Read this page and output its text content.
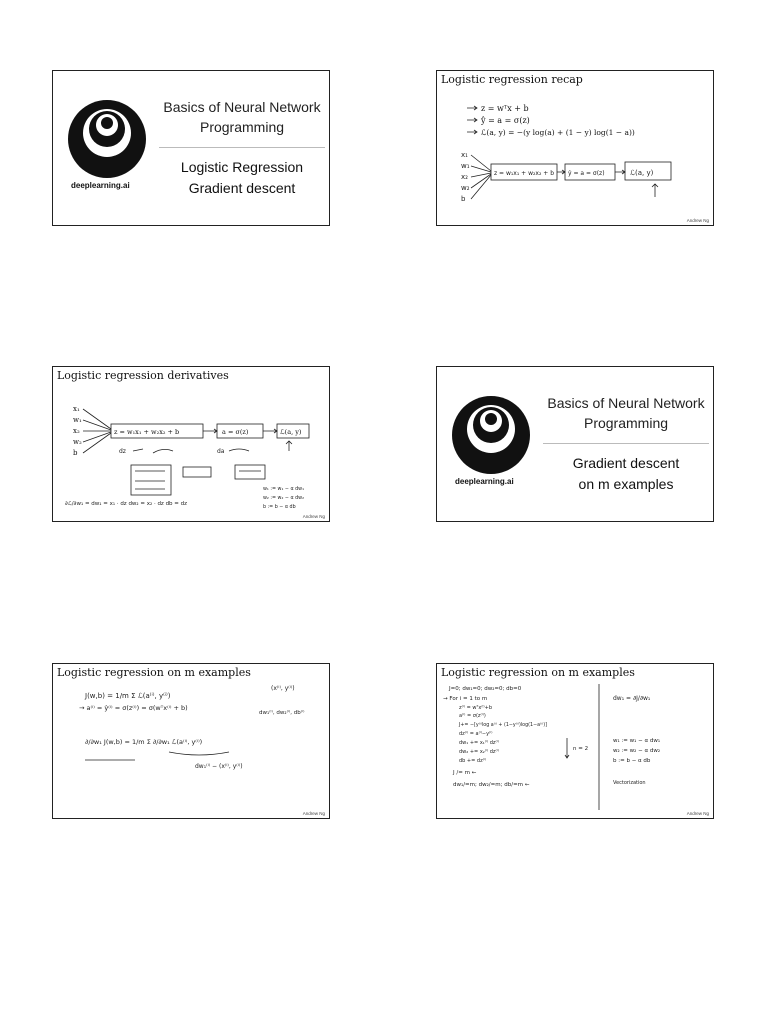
deeplearning.ai
Basics of Neural Network Programming
Logistic Regression
Gradient descent
z = wᵀx + b
ŷ = a = σ(z)
ℒ(a, y) = −(y log(a) + (1 − y) log(1 − a))
x₁
w₁
x₂
w₂
b
z = w₁x₁ + w₂x₂ + b ŷ = a = σ(z)	ℒ(a, y)
Logistic regression recap
Andrew Ng
x₁
w₁
x₂
w₂
b
z = w₁x₁ + w₂x₂ + b	a = σ(z)	ℒ(a, y)
dz	da
w₁ := w₁ − α dw₁
w₂ := w₂ − α dw₂
b := b − α db
∂ℒ/∂w₁ = dw₁ = x₁ · dz dw₂ = x₂ · dz db = dz
Logistic regression derivatives
Andrew Ng
deeplearning.ai
Basics of Neural Network Programming
Gradient descent
on m examples
J(w,b) = 1/m Σ ℒ(a⁽ⁱ⁾, y⁽ⁱ⁾)
(x⁽ⁱ⁾, y⁽ⁱ⁾)
→ a⁽ⁱ⁾ = ŷ⁽ⁱ⁾ = σ(z⁽ⁱ⁾) = σ(wᵀx⁽ⁱ⁾ + b)
dw₁⁽ⁱ⁾, dw₂⁽ⁱ⁾, db⁽ⁱ⁾
∂/∂w₁ J(w,b) = 1/m Σ ∂/∂w₁ ℒ(a⁽ⁱ⁾, y⁽ⁱ⁾)
dw₁⁽ⁱ⁾ − (x⁽ⁱ⁾, y⁽ⁱ⁾)
Logistic regression on m examples
Andrew Ng
J=0; dw₁=0; dw₂=0; db=0
→ For i = 1 to m
z⁽ⁱ⁾ = wᵀx⁽ⁱ⁾+b
a⁽ⁱ⁾ = σ(z⁽ⁱ⁾)
J+= −[y⁽ⁱ⁾log a⁽ⁱ⁾ + (1−y⁽ⁱ⁾)log(1−a⁽ⁱ⁾)]
dz⁽ⁱ⁾ = a⁽ⁱ⁾−y⁽ⁱ⁾
dw₁ += x₁⁽ⁱ⁾ dz⁽ⁱ⁾
dw₂ += x₂⁽ⁱ⁾ dz⁽ⁱ⁾
db += dz⁽ⁱ⁾
J /= m ←
dw₁/=m; dw₂/=m; db/=m ←
n = 2
dw₁ = ∂J/∂w₁
w₁ := w₁ − α dw₁
w₂ := w₂ − α dw₂
b := b − α db
Vectorization
Logistic regression on m examples
Andrew Ng
